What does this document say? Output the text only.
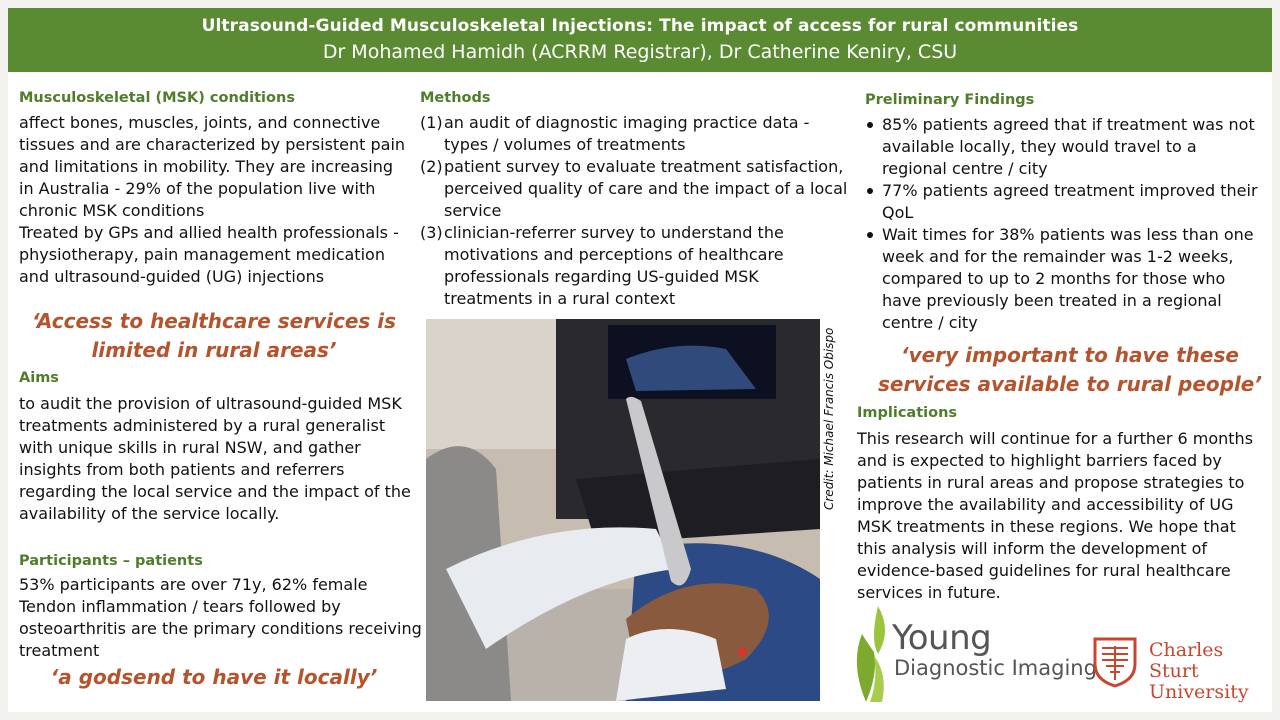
Ultrasound-Guided Musculoskeletal Injections: The impact of access for rural communities
Dr Mohamed Hamidh (ACRRM Registrar), Dr Catherine Keniry, CSU
Musculoskeletal (MSK) conditions

affect bones, muscles, joints, and connective tissues and are characterized by persistent pain and limitations in mobility. They are increasing in Australia - 29% of the population live with chronic MSK conditions

Treated by GPs and allied health professionals - physiotherapy, pain management medication and ultrasound-guided (UG) injections

‘Access to healthcare services is
limited in rural areas’
Aims
to audit the provision of ultrasound-guided MSK treatments administered by a rural generalist with unique skills in rural NSW, and gather insights from both patients and referrers regarding the local service and the impact of the availability of the service locally.
Participants – patients

53% participants are over 71y, 62% female

Tendon inflammation / tears followed by osteoarthritis are the primary conditions receiving treatment

‘a godsend to have it locally’
Methods
(1) an audit of diagnostic imaging practice data - types / volumes of treatments
(2) patient survey to evaluate treatment satisfaction, perceived quality of care and the impact of a local service
(3) clinician-referrer survey to understand the motivations and perceptions of healthcare professionals regarding US-guided MSK treatments in a rural context
Credit: Michael Francis Obispo
Preliminary Findings
85% patients agreed that if treatment was not available locally, they would travel to a regional centre / city
77% patients agreed treatment improved their QoL
Wait times for 38% patients was less than one week and for the remainder was 1-2 weeks, compared to up to 2 months for those who have previously been treated in a regional centre / city
‘very important to have these
services available to rural people’
Implications
This research will continue for a further 6 months and is expected to highlight barriers faced by patients in rural areas and propose strategies to improve the availability and accessibility of UG MSK treatments in these regions. We hope that this analysis will inform the development of evidence-based guidelines for rural healthcare services in future.
Young
Diagnostic Imaging
Charles Sturt
University
